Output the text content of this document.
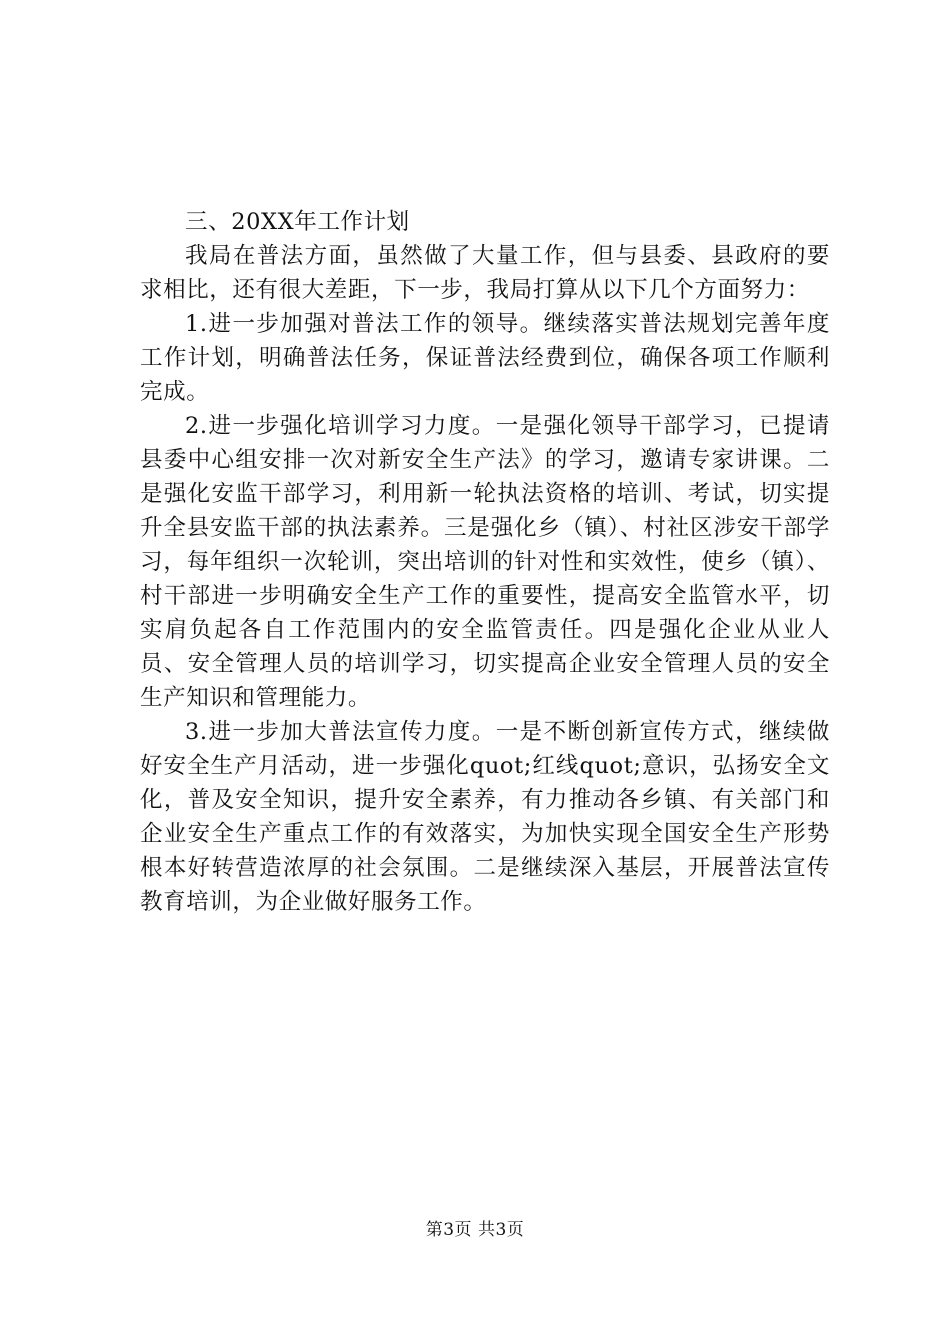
三、20XX年工作计划

我局在普法方面，虽然做了大量工作，但与县委、县政府的要求相比，还有很大差距，下一步，我局打算从以下几个方面努力：

1.进一步加强对普法工作的领导。继续落实普法规划完善年度工作计划，明确普法任务，保证普法经费到位，确保各项工作顺利完成。

2.进一步强化培训学习力度。一是强化领导干部学习，已提请县委中心组安排一次对新安全生产法》的学习，邀请专家讲课。二是强化安监干部学习，利用新一轮执法资格的培训、考试，切实提升全县安监干部的执法素养。三是强化乡（镇）、村社区涉安干部学习，每年组织一次轮训，突出培训的针对性和实效性，使乡（镇）、村干部进一步明确安全生产工作的重要性，提高安全监管水平，切实肩负起各自工作范围内的安全监管责任。四是强化企业从业人员、安全管理人员的培训学习，切实提高企业安全管理人员的安全生产知识和管理能力。

3.进一步加大普法宣传力度。一是不断创新宣传方式，继续做好安全生产月活动，进一步强化quot;红线quot;意识，弘扬安全文化，普及安全知识，提升安全素养，有力推动各乡镇、有关部门和企业安全生产重点工作的有效落实，为加快实现全国安全生产形势根本好转营造浓厚的社会氛围。二是继续深入基层，开展普法宣传教育培训，为企业做好服务工作。

第3页 共3页
